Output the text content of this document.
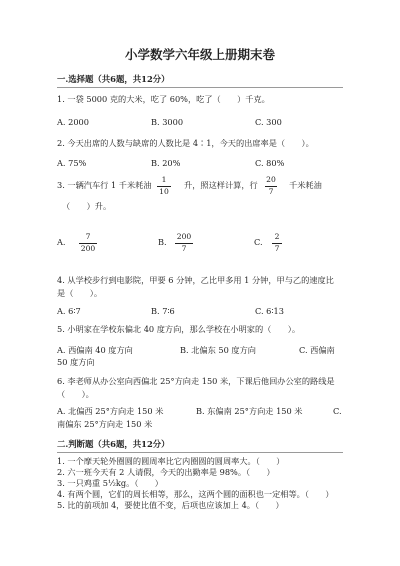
小学数学六年级上册期末卷
一.选择题（共6题，共12分）
1. 一袋 5000 克的大米，吃了 60%，吃了（　　）千克。
A. 2000	B. 3000	C. 300
2. 今天出席的人数与缺席的人数比是 4∶1，今天的出席率是（　　）。
A. 75%	B. 20%	C. 80%
3. 一辆汽车行 1 千米耗油
1
10
升，照这样计算，行
20
7
千米耗油
（　　）升。
A.
7
200
B.
200
7
C.
2
7
4. 从学校步行到电影院，甲要 6 分钟，乙比甲多用 1 分钟，甲与乙的速度比
是（　　）。
A. 6∶7	B. 7∶6	C. 6∶13
5. 小明家在学校东偏北 40 度方向，那么学校在小明家的（　　）。
A. 西偏南 40 度方向	B. 北偏东 50 度方向	C. 西偏南
50 度方向
6. 李老师从办公室向西偏北 25°方向走 150 米，下课后他回办公室的路线是
（　　）。
A. 北偏西 25°方向走 150 米	B. 东偏南 25°方向走 150 米	C.
南偏东 25°方向走 150 米
二.判断题（共6题，共12分）
1. 一个摩天轮外圈圆的圆周率比它内圈圆的圆周率大。（　　）
2. 六一班今天有 2 人请假，今天的出勤率是 98%。（　　）
3. 一只鸡重 5½kg。（　　）
4. 有两个圆，它们的周长相等，那么，这两个圆的面积也一定相等。（　　）
5. 比的前项加 4，要使比值不变，后项也应该加上 4。（　　）
